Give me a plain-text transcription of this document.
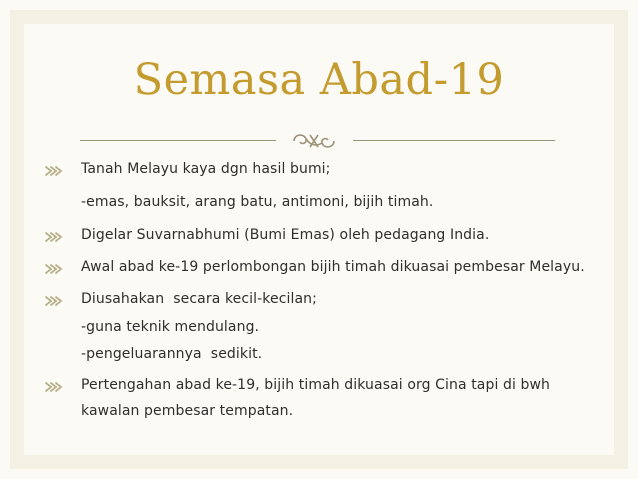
Semasa Abad-19
Tanah Melayu kaya dgn hasil bumi;
-emas, bauksit, arang batu, antimoni, bijih timah.
Digelar Suvarnabhumi (Bumi Emas) oleh pedagang India.
Awal abad ke-19 perlombongan bijih timah dikuasai pembesar Melayu.
Diusahakan  secara kecil-kecilan;
-guna teknik mendulang.
-pengeluarannya  sedikit.
Pertengahan abad ke-19, bijih timah dikuasai org Cina tapi di bwh
kawalan pembesar tempatan.
